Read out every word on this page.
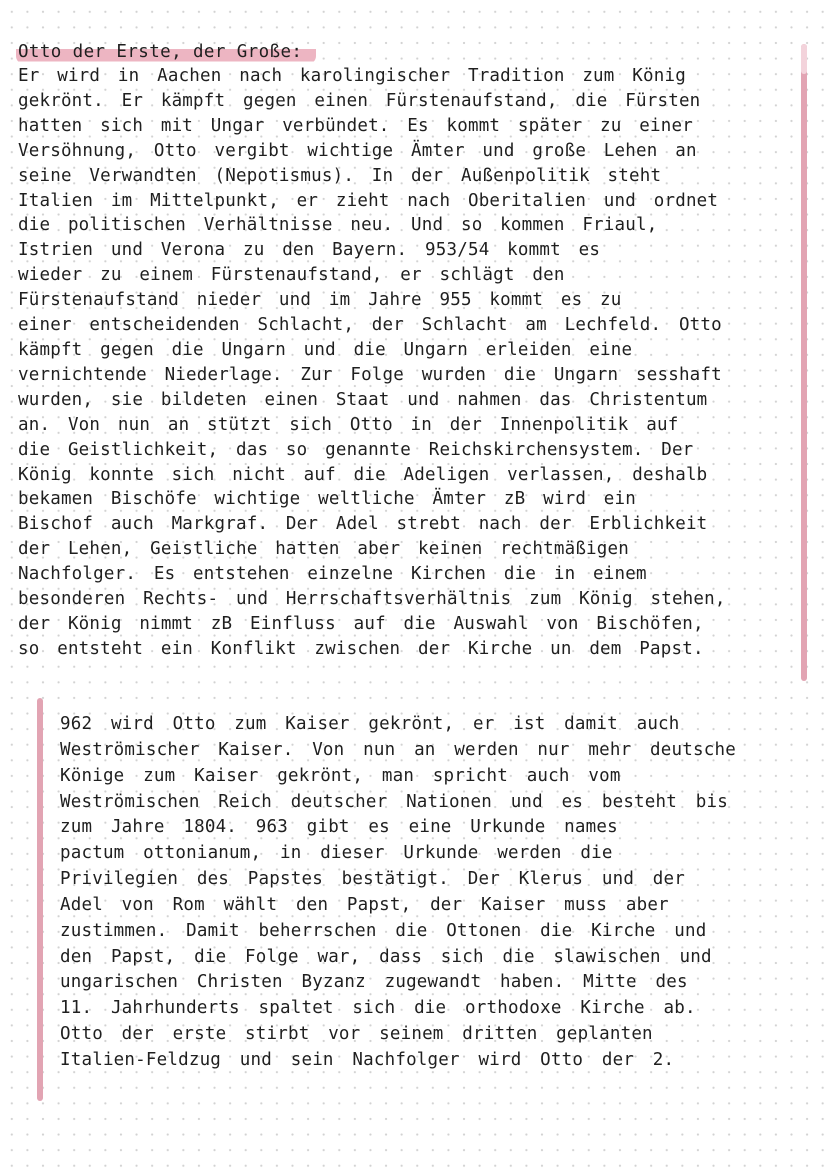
Otto der Erste, der Große:
Er wird in Aachen nach karolingischer Tradition zum König
gekrönt. Er kämpft gegen einen Fürstenaufstand, die Fürsten
hatten sich mit Ungar verbündet. Es kommt später zu einer
Versöhnung, Otto vergibt wichtige Ämter und große Lehen an
seine Verwandten (Nepotismus). In der Außenpolitik steht
Italien im Mittelpunkt, er zieht nach Oberitalien und ordnet
die politischen Verhältnisse neu. Und so kommen Friaul,
Istrien und Verona zu den Bayern. 953/54 kommt es
wieder zu einem Fürstenaufstand, er schlägt den
Fürstenaufstand nieder und im Jahre 955 kommt es zu
einer entscheidenden Schlacht, der Schlacht am Lechfeld. Otto
kämpft gegen die Ungarn und die Ungarn erleiden eine
vernichtende Niederlage. Zur Folge wurden die Ungarn sesshaft
wurden, sie bildeten einen Staat und nahmen das Christentum
an. Von nun an stützt sich Otto in der Innenpolitik auf
die Geistlichkeit, das so genannte Reichskirchensystem. Der
König konnte sich nicht auf die Adeligen verlassen, deshalb
bekamen Bischöfe wichtige weltliche Ämter zB wird ein
Bischof auch Markgraf. Der Adel strebt nach der Erblichkeit
der Lehen, Geistliche hatten aber keinen rechtmäßigen
Nachfolger. Es entstehen einzelne Kirchen die in einem
besonderen Rechts- und Herrschaftsverhältnis zum König stehen,
der König nimmt zB Einfluss auf die Auswahl von Bischöfen,
so entsteht ein Konflikt zwischen der Kirche un dem Papst.
962 wird Otto zum Kaiser gekrönt, er ist damit auch
Weströmischer Kaiser. Von nun an werden nur mehr deutsche
Könige zum Kaiser gekrönt, man spricht auch vom
Weströmischen Reich deutscher Nationen und es besteht bis
zum Jahre 1804. 963 gibt es eine Urkunde names
pactum ottonianum, in dieser Urkunde werden die
Privilegien des Papstes bestätigt. Der Klerus und der
Adel von Rom wählt den Papst, der Kaiser muss aber
zustimmen. Damit beherrschen die Ottonen die Kirche und
den Papst, die Folge war, dass sich die slawischen und
ungarischen Christen Byzanz zugewandt haben. Mitte des
11. Jahrhunderts spaltet sich die orthodoxe Kirche ab.
Otto der erste stirbt vor seinem dritten geplanten
Italien-Feldzug und sein Nachfolger wird Otto der 2.
